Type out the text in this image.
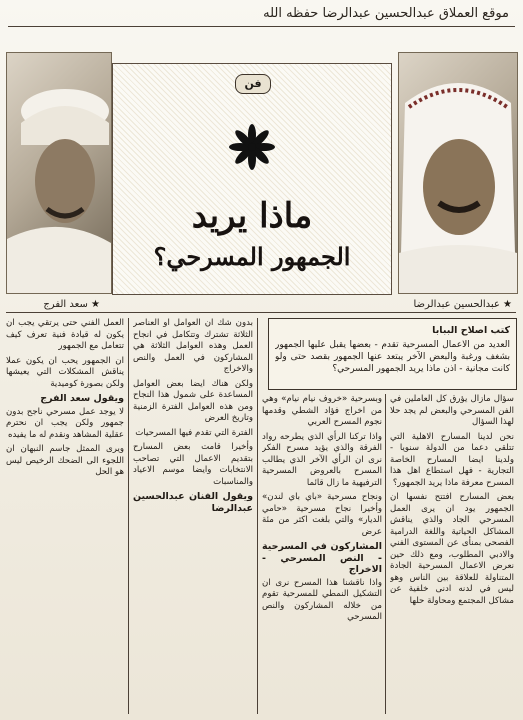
موقع العملاق عبدالحسين عبدالرضا حفظه الله
★ سعد الفرج
فن
ماذا يريد
الجمهور المسرحي؟
★ عبدالحسين عبدالرضا
كتب اصلاح الببابا

العديد من الاعمال المسرحية تقدم - بعضها يقبل عليها الجمهور بشغف ورغبة والبعض الآخر يبتعد عنها الجمهور بقصد حتى ولو كانت مجانية - اذن ماذا يريد الجمهور المسرحي؟

سؤال مازال يؤرق كل العاملين في الفن المسرحي والبعض لم يجد حلا لهذا السؤال

نحن لدينا المسارح الاهلية التي تتلقى دعما من الدولة سنويا - ولدينا ايضا المسارح الخاصة التجارية - فهل استطاع اهل هذا المسرح معرفة ماذا يريد الجمهور؟

بعض المسارح افتتح نفسها ان الجمهور يود ان يرى العمل المسرحي الجاد والذي يناقش المشاكل الحياتية واللغة الدرامية الفصحى بمنأى عن المستوى الفني والادبي المطلوب، ومع ذلك حين نعرض الاعمال المسرحية الجادة المتناولة للعلاقة بين الناس وهو ليس في لدنه ادنى خلفية عن مشاكل المجتمع ومحاولة حلها

وبسرحية «خروف نيام نيام» وهي من اخراج فؤاد الشطي وقدمها نجوم المسرح العربي

واذا تركنا الرأي الذي يطرحه رواد الفرقة والذي يؤيد مسرح الفكر نرى ان الرأي الآخر الذي يطالب المسرح بالعروض المسرحية الترفيهية ما زال قائما

ونجاح مسرحية «باي باي لندن» وأخيرا نجاح مسرحية «حامي الديار» والتي بلغت اكثر من مئة عرض

المشاركون في المسرحية - النص المسرحي - الاخراج

واذا ناقشنا هذا المسرح نرى ان التشكيل النمطي للمسرحية تقوم من خلاله المشاركون والنص المسرحي

بدون شك ان العوامل او العناصر الثلاثة تشترك وتتكامل في انجاح العمل وهذه العوامل الثلاثة هي المشاركون في العمل والنص والاخراج

ولكن هناك ايضا بعض العوامل المساعدة على شمول هذا النجاح ومن هذه العوامل الفترة الزمنية وتاريخ العرض

الفترة التي تقدم فيها المسرحيات

وأخيرا قامت بعض المسارح بتقديم الاعمال التي تصاحب الانتخابات وايضا موسم الاعياد والمناسبات

ويقول الفنان عبدالحسين عبدالرضا

العمل الفني حتى يرتقي يجب ان يكون له قيادة فنية تعرف كيف تتعامل مع الجمهور

ان الجمهور يحب ان يكون عملا يناقش المشكلات التي يعيشها ولكن بصورة كوميدية

ويقول سعد الفرج

لا يوجد عمل مسرحي ناجح بدون جمهور ولكن يجب ان نحترم عقلية المشاهد ونقدم له ما يفيده

ويرى الممثل جاسم النبهان ان اللجوء الى الضحك الرخيص ليس هو الحل
